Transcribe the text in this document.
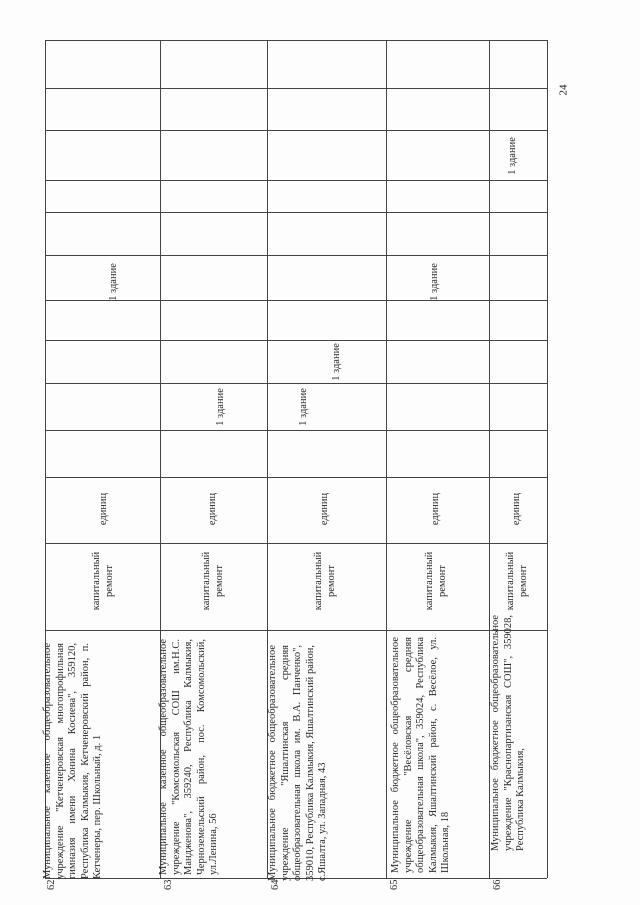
62
Муниципальное казенное общеобразовательное учреждение "Кетченеровская многопрофильная гимназия имени Хонина Косиева", 359120, Республика Калмыкия, Кетченеровский район, п. Кетченеры, пер. Школьный, д. 1
капитальный ремонт
единиц
1 здание
63
Муниципальное казенное общеобразовательное учреждение "Комсомольская СОШ им.Н.С. Мандженова", 359240, Республика Калмыкия, Черноземельский район, пос. Комсомольский, ул.Ленина, 56
капитальный ремонт
единиц
1 здание
64
Муниципальное бюджетное общеобразовательное учреждение "Яшалтинская средняя общеобразовательная школа им. В.А. Панченко", 359010, Республика Калмыкия, Яшалтинский район, с.Яшалта, ул. Западная, 43
капитальный ремонт
единиц
1 здание
1 здание
65
Муниципальное бюджетное общеобразовательное учреждение "Весёловская средняя общеобразовательная школа", 359024, Республика Калмыкия, Яшалтинский район, с. Весёлое, ул. Школьная, 18
капитальный ремонт
единиц
1 здание
66
Муниципальное бюджетное общеобразовательное учреждение "Краснопартизанская СОШ", 359028, Республика Калмыкия,
капитальный ремонт
единиц
1 здание
24
